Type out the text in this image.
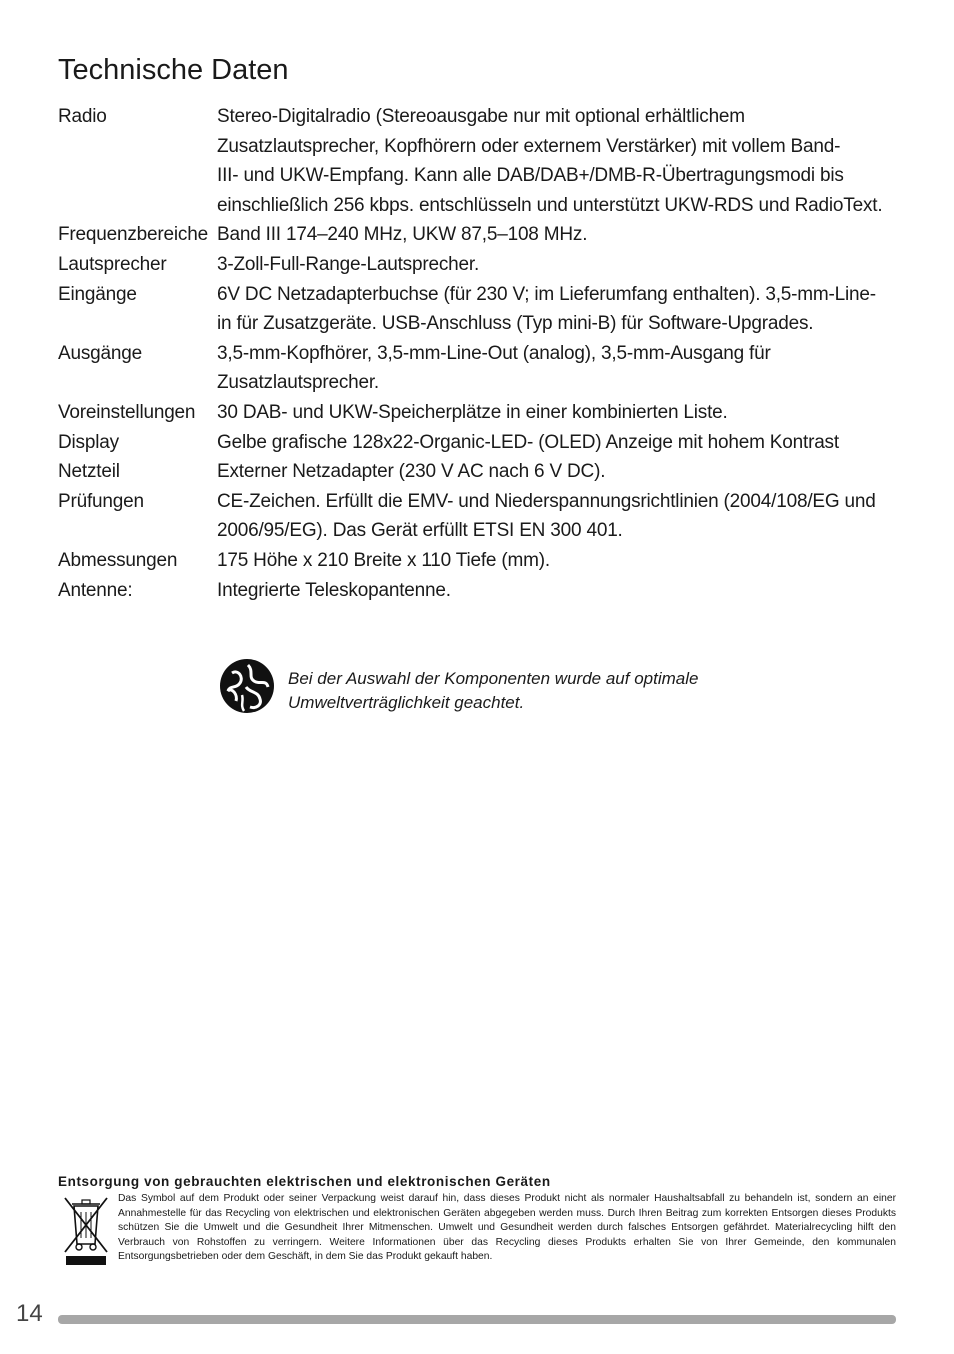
Technische Daten
Radio	Stereo-Digitalradio (Stereoausgabe nur mit optional erhältlichem
Zusatzlautsprecher, Kopfhörern oder externem Verstärker) mit vollem Band-
III- und UKW-Empfang. Kann alle DAB/DAB+/DMB-R-Übertragungsmodi bis
einschließlich 256 kbps. entschlüsseln und unterstützt UKW-RDS und RadioText.
Frequenzbereiche Band III 174–240 MHz, UKW 87,5–108 MHz.
Lautsprecher	3-Zoll-Full-Range-Lautsprecher.
Eingänge	6V DC Netzadapterbuchse (für 230 V; im Lieferumfang enthalten). 3,5-mm-Line-
in für Zusatzgeräte. USB-Anschluss (Typ mini-B) für Software-Upgrades.
Ausgänge	3,5-mm-Kopfhörer, 3,5-mm-Line-Out (analog), 3,5-mm-Ausgang für
Zusatzlautsprecher.
Voreinstellungen	30 DAB- und UKW-Speicherplätze in einer kombinierten Liste.
Display	Gelbe grafische 128x22-Organic-LED- (OLED) Anzeige mit hohem Kontrast
Netzteil	Externer Netzadapter (230 V AC nach 6 V DC).
Prüfungen	CE-Zeichen. Erfüllt die EMV- und Niederspannungsrichtlinien (2004/108/EG und
2006/95/EG). Das Gerät erfüllt ETSI EN 300 401.
Abmessungen	175 Höhe x 210 Breite x 110 Tiefe (mm).
Antenne:	Integrierte Teleskopantenne.
Bei der Auswahl der Komponenten wurde auf optimale
Umweltverträglichkeit geachtet.
Entsorgung von gebrauchten elektrischen und elektronischen Geräten
Das Symbol auf dem Produkt oder seiner Verpackung weist darauf hin, dass dieses Produkt nicht als normaler Haushaltsabfall zu behandeln ist, sondern an einer Annahmestelle für das Recycling von elektrischen und elektronischen Geräten abgegeben werden muss. Durch Ihren Beitrag zum korrekten Entsorgen dieses Produkts schützen Sie die Umwelt und die Gesundheit Ihrer Mitmenschen. Umwelt und Gesundheit werden durch falsches Entsorgen gefährdet. Materialrecycling hilft den Verbrauch von Rohstoffen zu verringern. Weitere Informationen über das Recycling dieses Produkts erhalten Sie von Ihrer Gemeinde, den kommunalen Entsorgungsbetrieben oder dem Geschäft, in dem Sie das Produkt gekauft haben.
14
